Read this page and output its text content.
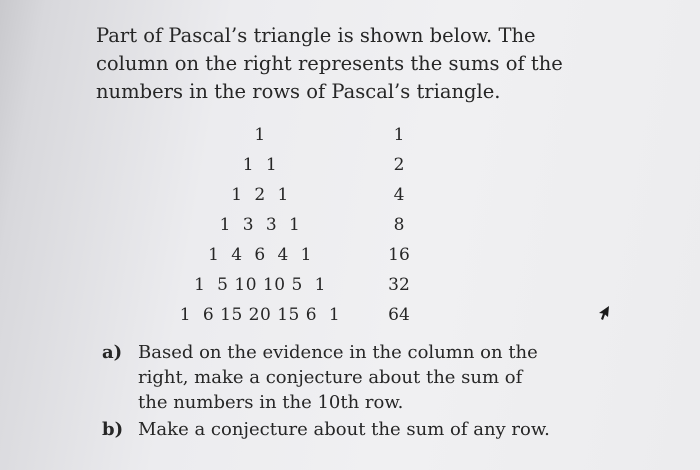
Part of Pascal’s triangle is shown below. The
column on the right represents the sums of the
numbers in the rows of Pascal’s triangle.

1
1  1
1  2  1
1  3  3  1
1  4  6  4  1
1  5 10 10 5  1
1  6 15 20 15 6  1
1
2
4
8
16
32
64
a) Based on the evidence in the column on the
right, make a conjecture about the sum of
the numbers in the 10th row.
b) Make a conjecture about the sum of any row.
